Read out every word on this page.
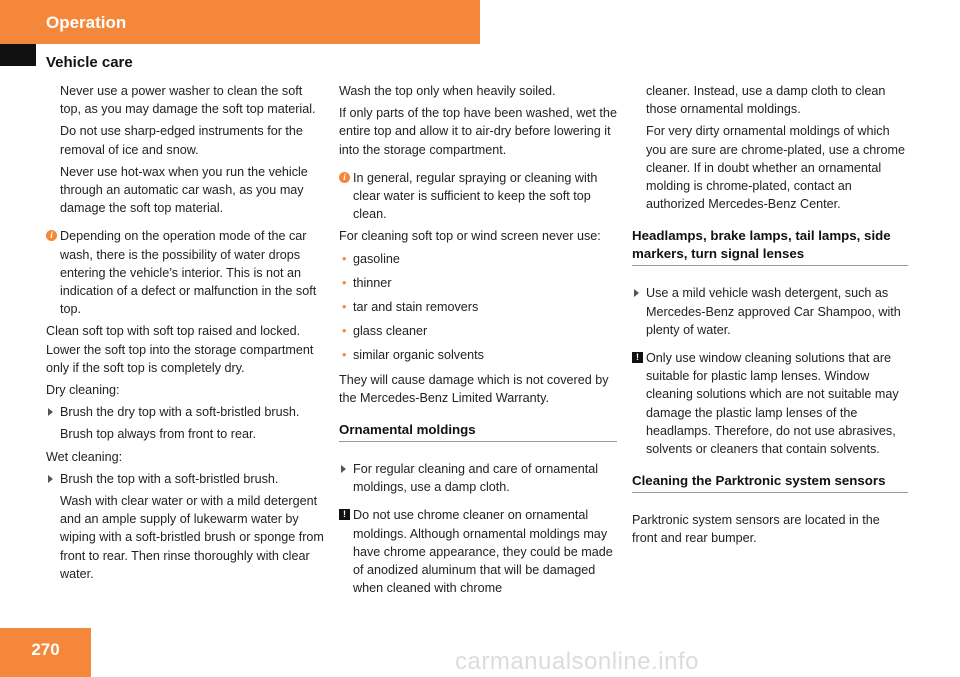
Operation
Vehicle care

Never use a power washer to clean the soft top, as you may damage the soft top material.

Do not use sharp-edged instruments for the removal of ice and snow.

Never use hot-wax when you run the vehicle through an automatic car wash, as you may damage the soft top material.

i Depending on the operation mode of the car wash, there is the possibility of water drops entering the vehicle’s interior. This is not an indication of a defect or malfunction in the soft top.

Clean soft top with soft top raised and locked. Lower the soft top into the storage compartment only if the soft top is completely dry.

Dry cleaning:

Brush the dry top with a soft-bristled brush.

Brush top always from front to rear.

Wet cleaning:

Brush the top with a soft-bristled brush.

Wash with clear water or with a mild detergent and an ample supply of lukewarm water by wiping with a soft-bristled brush or sponge from front to rear. Then rinse thoroughly with clear water.

Wash the top only when heavily soiled.

If only parts of the top have been washed, wet the entire top and allow it to air-dry before lowering it into the storage compartment.

i In general, regular spraying or cleaning with clear water is sufficient to keep the soft top clean.

For cleaning soft top or wind screen never use:

• gasoline

• thinner

• tar and stain removers

• glass cleaner

• similar organic solvents

They will cause damage which is not covered by the Mercedes-Benz Limited Warranty.

Ornamental moldings

For regular cleaning and care of ornamental moldings, use a damp cloth.

! Do not use chrome cleaner on ornamental moldings. Although ornamental moldings may have chrome appearance, they could be made of anodized aluminum that will be damaged when cleaned with chrome

cleaner. Instead, use a damp cloth to clean those ornamental moldings.

For very dirty ornamental moldings of which you are sure are chrome-plated, use a chrome cleaner. If in doubt whether an ornamental molding is chrome-plated, contact an authorized Mercedes-Benz Center.

Headlamps, brake lamps, tail lamps, side markers, turn signal lenses

Use a mild vehicle wash detergent, such as Mercedes-Benz approved Car Shampoo, with plenty of water.

! Only use window cleaning solutions that are suitable for plastic lamp lenses. Window cleaning solutions which are not suitable may damage the plastic lamp lenses of the headlamps. Therefore, do not use abrasives, solvents or cleaners that contain solvents.

Cleaning the Parktronic system sensors

Parktronic system sensors are located in the front and rear bumper.

270	carmanualsonline.info
